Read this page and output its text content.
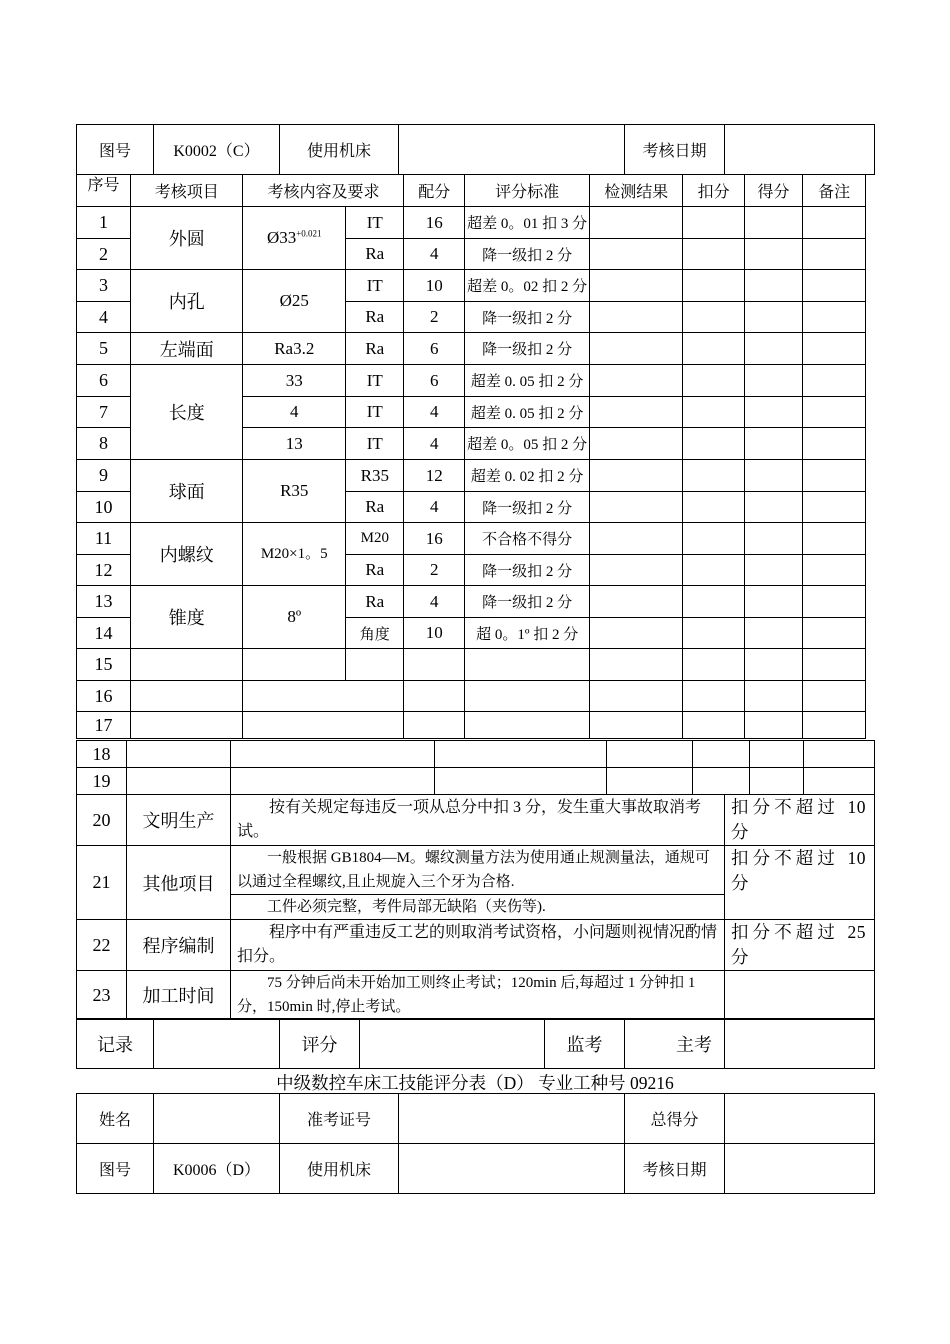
图号	K0002（C）	使用机床		考核日期	
序号	考核项目	考核内容及要求		配分	评分标准	检测结果	扣分	得分	备注
1	外圆	$Ø33^{+0.021}$	IT	16	超差 0。01 扣 3 分				
2			Ra	4	降一级扣 2 分				
3	内孔	Ø25	IT	10	超差 0。02 扣 2 分				
4			Ra	2	降一级扣 2 分				
5	左端面	Ra3.2	Ra	6	降一级扣 2 分				
6	长度	33	IT	6	超差 0. 05 扣 2 分				
7		4	IT	4	超差 0. 05 扣 2 分				
8		13	IT	4	超差 0。05 扣 2 分				
9	球面	R35	R35	12	超差 0. 02 扣 2 分				
10			Ra	4	降一级扣 2 分				
11	内螺纹	M20×1。5	M20	16	不合格不得分				
12			Ra	2	降一级扣 2 分				
13	锥度	8º	Ra	4	降一级扣 2 分				
14			角度	10	超 0。1º 扣 2 分				
15									
16									
17									
18							
19							
20	文明生产	按有关规定每违反一项从总分中扣 3 分，发生重大事故取消考试。	扣分不超过 10 分
21	其他项目	一般根据 GB1804—M。螺纹测量方法为使用通止规测量法，通规可以通过全程螺纹,且止规旋入三个牙为合格.	扣分不超过 10 分
		工件必须完整，考件局部无缺陷（夹伤等).	
22	程序编制	程序中有严重违反工艺的则取消考试资格，小问题则视情况酌情扣分。	扣分不超过 25 分
23	加工时间	75 分钟后尚未开始加工则终止考试；120min 后,每超过 1 分钟扣 1 分，150min 时,停止考试。	
记录		评分		监考	主考	
中级数控车床工技能评分表（D） 专业工种号 09216
姓名		准考证号		总得分	
图号	K0006（D）	使用机床		考核日期	
